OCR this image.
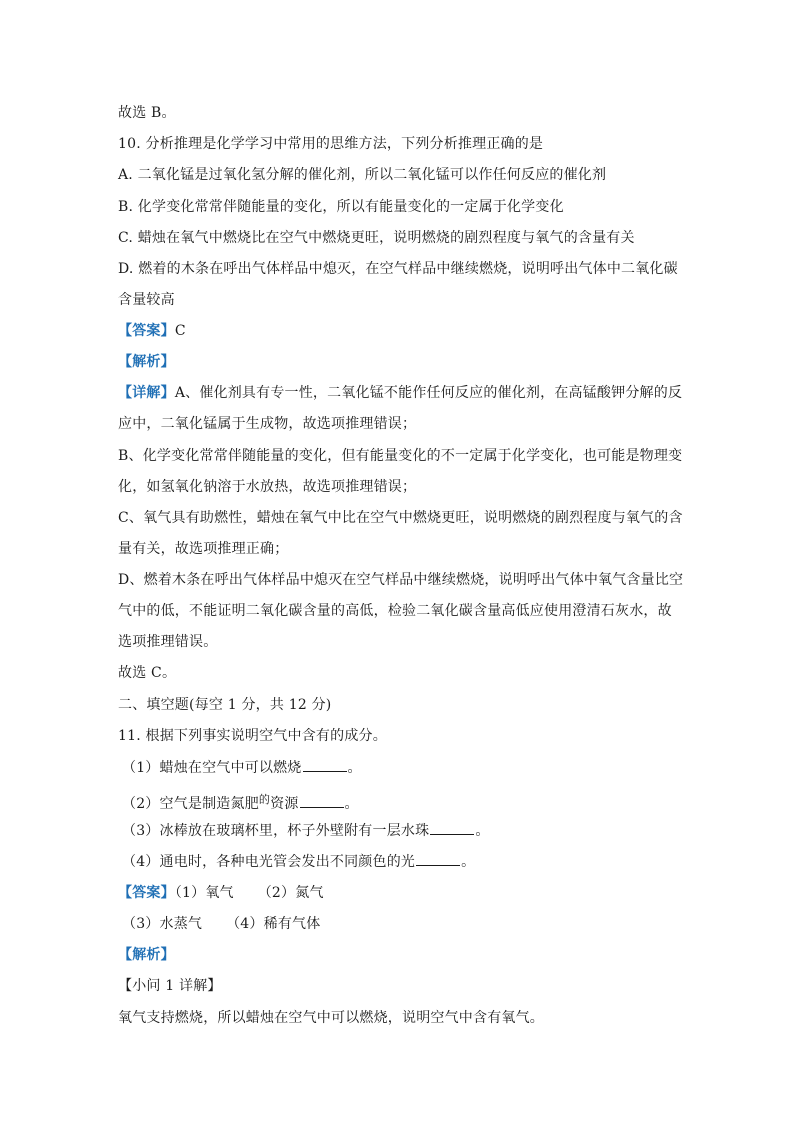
故选 B。
10. 分析推理是化学学习中常用的思维方法，下列分析推理正确的是
A. 二氧化锰是过氧化氢分解的催化剂，所以二氧化锰可以作任何反应的催化剂
B. 化学变化常常伴随能量的变化，所以有能量变化的一定属于化学变化
C. 蜡烛在氧气中燃烧比在空气中燃烧更旺，说明燃烧的剧烈程度与氧气的含量有关
D. 燃着的木条在呼出气体样品中熄灭，在空气样品中继续燃烧，说明呼出气体中二氧化碳
含量较高
【答案】C
【解析】
【详解】A、催化剂具有专一性，二氧化锰不能作任何反应的催化剂，在高锰酸钾分解的反
应中，二氧化锰属于生成物，故选项推理错误；
B、化学变化常常伴随能量的变化，但有能量变化的不一定属于化学变化，也可能是物理变
化，如氢氧化钠溶于水放热，故选项推理错误；
C、氧气具有助燃性，蜡烛在氧气中比在空气中燃烧更旺，说明燃烧的剧烈程度与氧气的含
量有关，故选项推理正确；
D、燃着木条在呼出气体样品中熄灭在空气样品中继续燃烧，说明呼出气体中氧气含量比空
气中的低，不能证明二氧化碳含量的高低，检验二氧化碳含量高低应使用澄清石灰水，故
选项推理错误。
故选 C。
二、填空题(每空 1 分，共 12 分)
11. 根据下列事实说明空气中含有的成分。
（1）蜡烛在空气中可以燃烧	。
（2）空气是制造氮肥$^的$资源	。
（3）冰棒放在玻璃杯里，杯子外壁附有一层水珠	。
（4）通电时，各种电光管会发出不同颜色的光	。
【答案】（1）氧气 （2）氮气
（3）水蒸气 （4）稀有气体
【解析】
【小问 1 详解】
氧气支持燃烧，所以蜡烛在空气中可以燃烧，说明空气中含有氧气。
